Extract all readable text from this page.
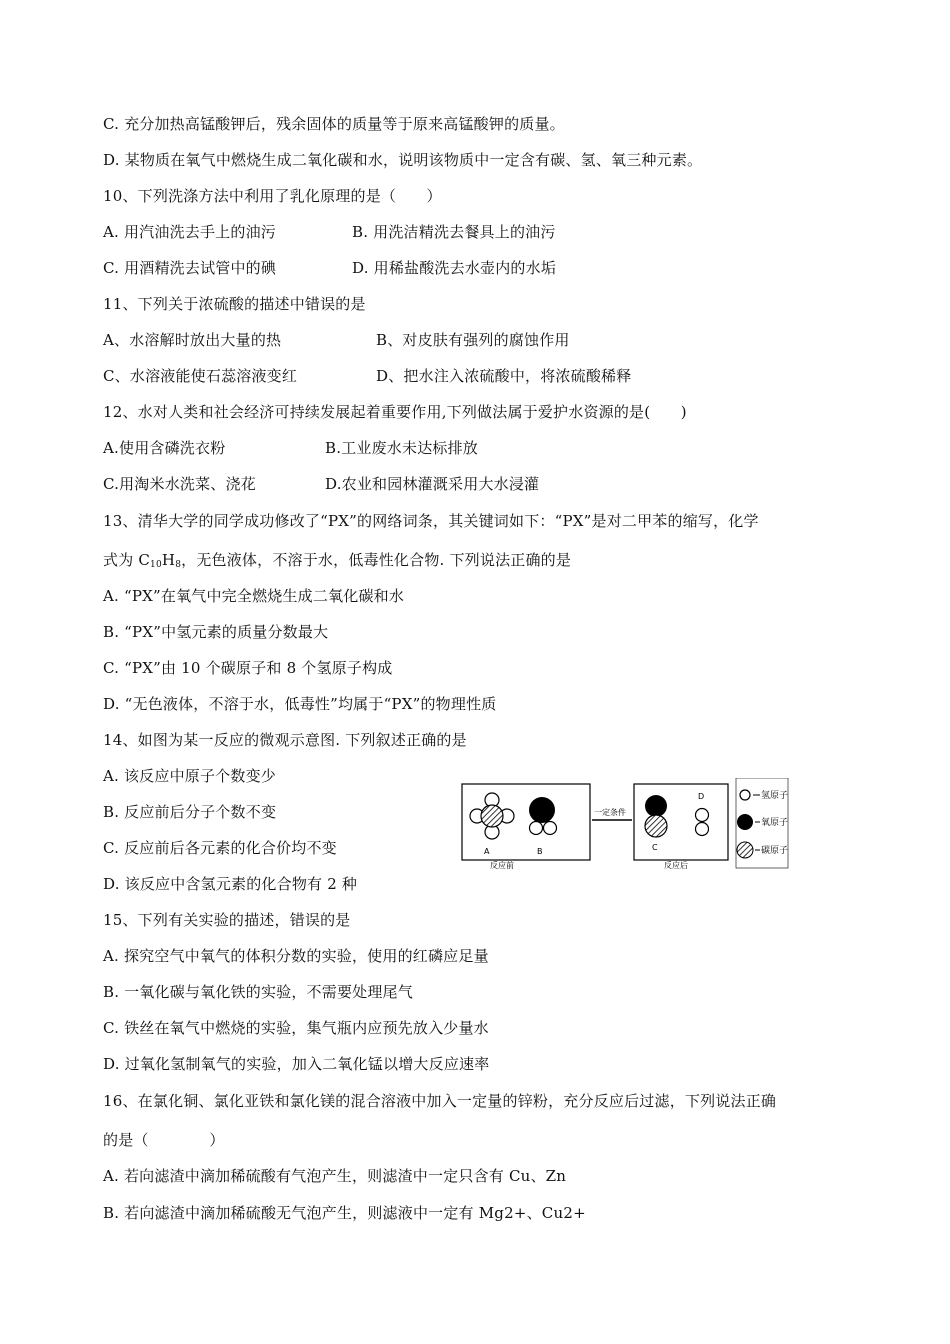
C. 充分加热高锰酸钾后，残余固体的质量等于原来高锰酸钾的质量。
D. 某物质在氧气中燃烧生成二氧化碳和水，说明该物质中一定含有碳、氢、氧三种元素。
10、下列洗涤方法中利用了乳化原理的是（　　）
A. 用汽油洗去手上的油污	B. 用洗洁精洗去餐具上的油污
C. 用酒精洗去试管中的碘	D. 用稀盐酸洗去水壶内的水垢
11、下列关于浓硫酸的描述中错误的是
A、水溶解时放出大量的热	B、对皮肤有强列的腐蚀作用
C、水溶液能使石蕊溶液变红	D、把水注入浓硫酸中，将浓硫酸稀释
12、水对人类和社会经济可持续发展起着重要作用,下列做法属于爱护水资源的是(　　)
A.使用含磷洗衣粉	B.工业废水未达标排放
C.用淘米水洗菜、浇花	D.农业和园林灌溉采用大水浸灌
13、清华大学的同学成功修改了“PX”的网络词条，其关键词如下：“PX”是对二甲苯的缩写，化学
式为 $C_{10}H_8$，无色液体，不溶于水，低毒性化合物. 下列说法正确的是
A. “PX”在氧气中完全燃烧生成二氧化碳和水
B. “PX”中氢元素的质量分数最大
C. “PX”由 10 个碳原子和 8 个氢原子构成
D. “无色液体，不溶于水，低毒性”均属于“PX”的物理性质
14、如图为某一反应的微观示意图. 下列叙述正确的是
A. 该反应中原子个数变少
B. 反应前后分子个数不变
C. 反应前后各元素的化合价均不变
D. 该反应中含氢元素的化合物有 2 种
A	B
反应前
一定条件
C
D
反应后
氢原子
氧原子
碳原子
15、下列有关实验的描述，错误的是
A. 探究空气中氧气的体积分数的实验，使用的红磷应足量
B. 一氧化碳与氧化铁的实验，不需要处理尾气
C. 铁丝在氧气中燃烧的实验，集气瓶内应预先放入少量水
D. 过氧化氢制氧气的实验，加入二氧化锰以增大反应速率
16、在氯化铜、氯化亚铁和氯化镁的混合溶液中加入一定量的锌粉，充分反应后过滤，下列说法正确
的是（　　　　）
A. 若向滤渣中滴加稀硫酸有气泡产生，则滤渣中一定只含有 Cu、Zn
B. 若向滤渣中滴加稀硫酸无气泡产生，则滤液中一定有 Mg2+、Cu2+
